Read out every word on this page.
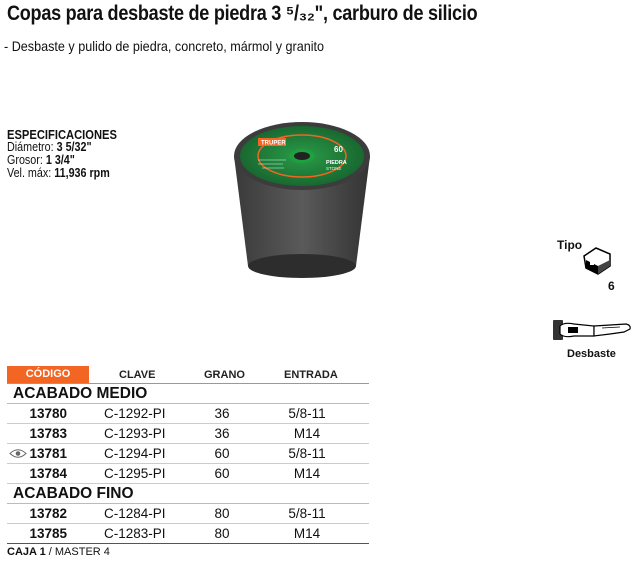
Copas para desbaste de piedra 3 ⁵/₃₂", carburo de silicio
- Desbaste y pulido de piedra, concreto, mármol y granito
ESPECIFICACIONES
Diámetro: 3 5/32"
Grosor: 1 3/4"
Vel. máx: 11,936 rpm
TRUPER
60
PIEDRA
STONE
Tipo
6
Desbaste
CÓDIGO	CLAVE	GRANO	ENTRADA
ACABADO MEDIO
13780	C-1292-PI	36	5/8-11
13783	C-1293-PI	36	M14
13781	C-1294-PI	60	5/8-11
13784	C-1295-PI	60	M14
ACABADO FINO
13782	C-1284-PI	80	5/8-11
13785	C-1283-PI	80	M14
CAJA 1 / MASTER 4
